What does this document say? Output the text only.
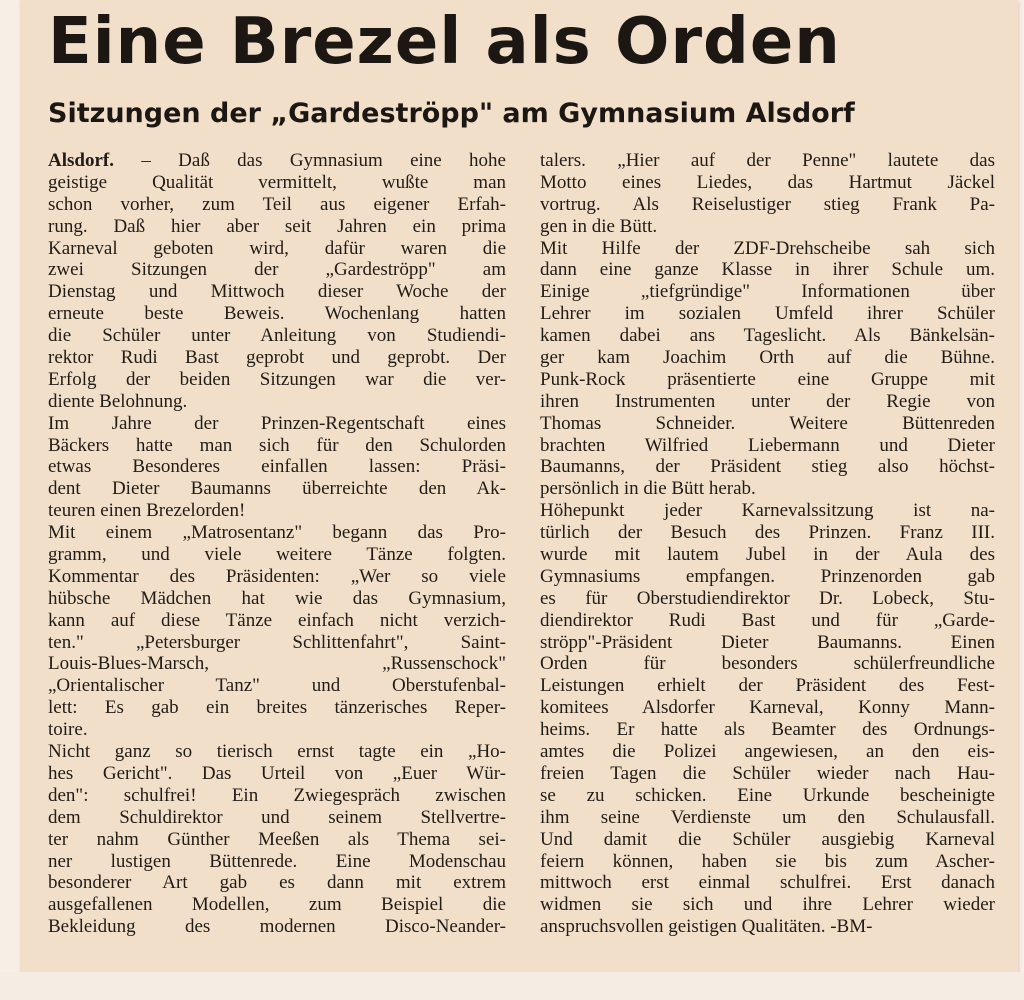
Eine Brezel als Orden
Sitzungen der „Gardeströpp" am Gymnasium Alsdorf
Alsdorf. – Daß das Gymnasium eine hohe
geistige Qualität vermittelt, wußte man
schon vorher, zum Teil aus eigener Erfah-
rung. Daß hier aber seit Jahren ein prima
Karneval geboten wird, dafür waren die
zwei Sitzungen der „Gardeströpp" am
Dienstag und Mittwoch dieser Woche der
erneute beste Beweis. Wochenlang hatten
die Schüler unter Anleitung von Studiendi-
rektor Rudi Bast geprobt und geprobt. Der
Erfolg der beiden Sitzungen war die ver-
diente Belohnung.
Im Jahre der Prinzen-Regentschaft eines
Bäckers hatte man sich für den Schulorden
etwas Besonderes einfallen lassen: Präsi-
dent Dieter Baumanns überreichte den Ak-
teuren einen Brezelorden!
Mit einem „Matrosentanz" begann das Pro-
gramm, und viele weitere Tänze folgten.
Kommentar des Präsidenten: „Wer so viele
hübsche Mädchen hat wie das Gymnasium,
kann auf diese Tänze einfach nicht verzich-
ten." „Petersburger Schlittenfahrt", Saint-
Louis-Blues-Marsch, „Russenschock"
„Orientalischer Tanz" und Oberstufenbal-
lett: Es gab ein breites tänzerisches Reper-
toire.
Nicht ganz so tierisch ernst tagte ein „Ho-
hes Gericht". Das Urteil von „Euer Wür-
den": schulfrei! Ein Zwiegespräch zwischen
dem Schuldirektor und seinem Stellvertre-
ter nahm Günther Meeßen als Thema sei-
ner lustigen Büttenrede. Eine Modenschau
besonderer Art gab es dann mit extrem
ausgefallenen Modellen, zum Beispiel die
Bekleidung des modernen Disco-Neander-
talers. „Hier auf der Penne" lautete das
Motto eines Liedes, das Hartmut Jäckel
vortrug. Als Reiselustiger stieg Frank Pa-
gen in die Bütt.
Mit Hilfe der ZDF-Drehscheibe sah sich
dann eine ganze Klasse in ihrer Schule um.
Einige „tiefgründige" Informationen über
Lehrer im sozialen Umfeld ihrer Schüler
kamen dabei ans Tageslicht. Als Bänkelsän-
ger kam Joachim Orth auf die Bühne.
Punk-Rock präsentierte eine Gruppe mit
ihren Instrumenten unter der Regie von
Thomas Schneider. Weitere Büttenreden
brachten Wilfried Liebermann und Dieter
Baumanns, der Präsident stieg also höchst-
persönlich in die Bütt herab.
Höhepunkt jeder Karnevalssitzung ist na-
türlich der Besuch des Prinzen. Franz III.
wurde mit lautem Jubel in der Aula des
Gymnasiums empfangen. Prinzenorden gab
es für Oberstudiendirektor Dr. Lobeck, Stu-
diendirektor Rudi Bast und für „Garde-
ströpp"-Präsident Dieter Baumanns. Einen
Orden für besonders schülerfreundliche
Leistungen erhielt der Präsident des Fest-
komitees Alsdorfer Karneval, Konny Mann-
heims. Er hatte als Beamter des Ordnungs-
amtes die Polizei angewiesen, an den eis-
freien Tagen die Schüler wieder nach Hau-
se zu schicken. Eine Urkunde bescheinigte
ihm seine Verdienste um den Schulausfall.
Und damit die Schüler ausgiebig Karneval
feiern können, haben sie bis zum Ascher-
mittwoch erst einmal schulfrei. Erst danach
widmen sie sich und ihre Lehrer wieder
anspruchsvollen geistigen Qualitäten. -BM-
